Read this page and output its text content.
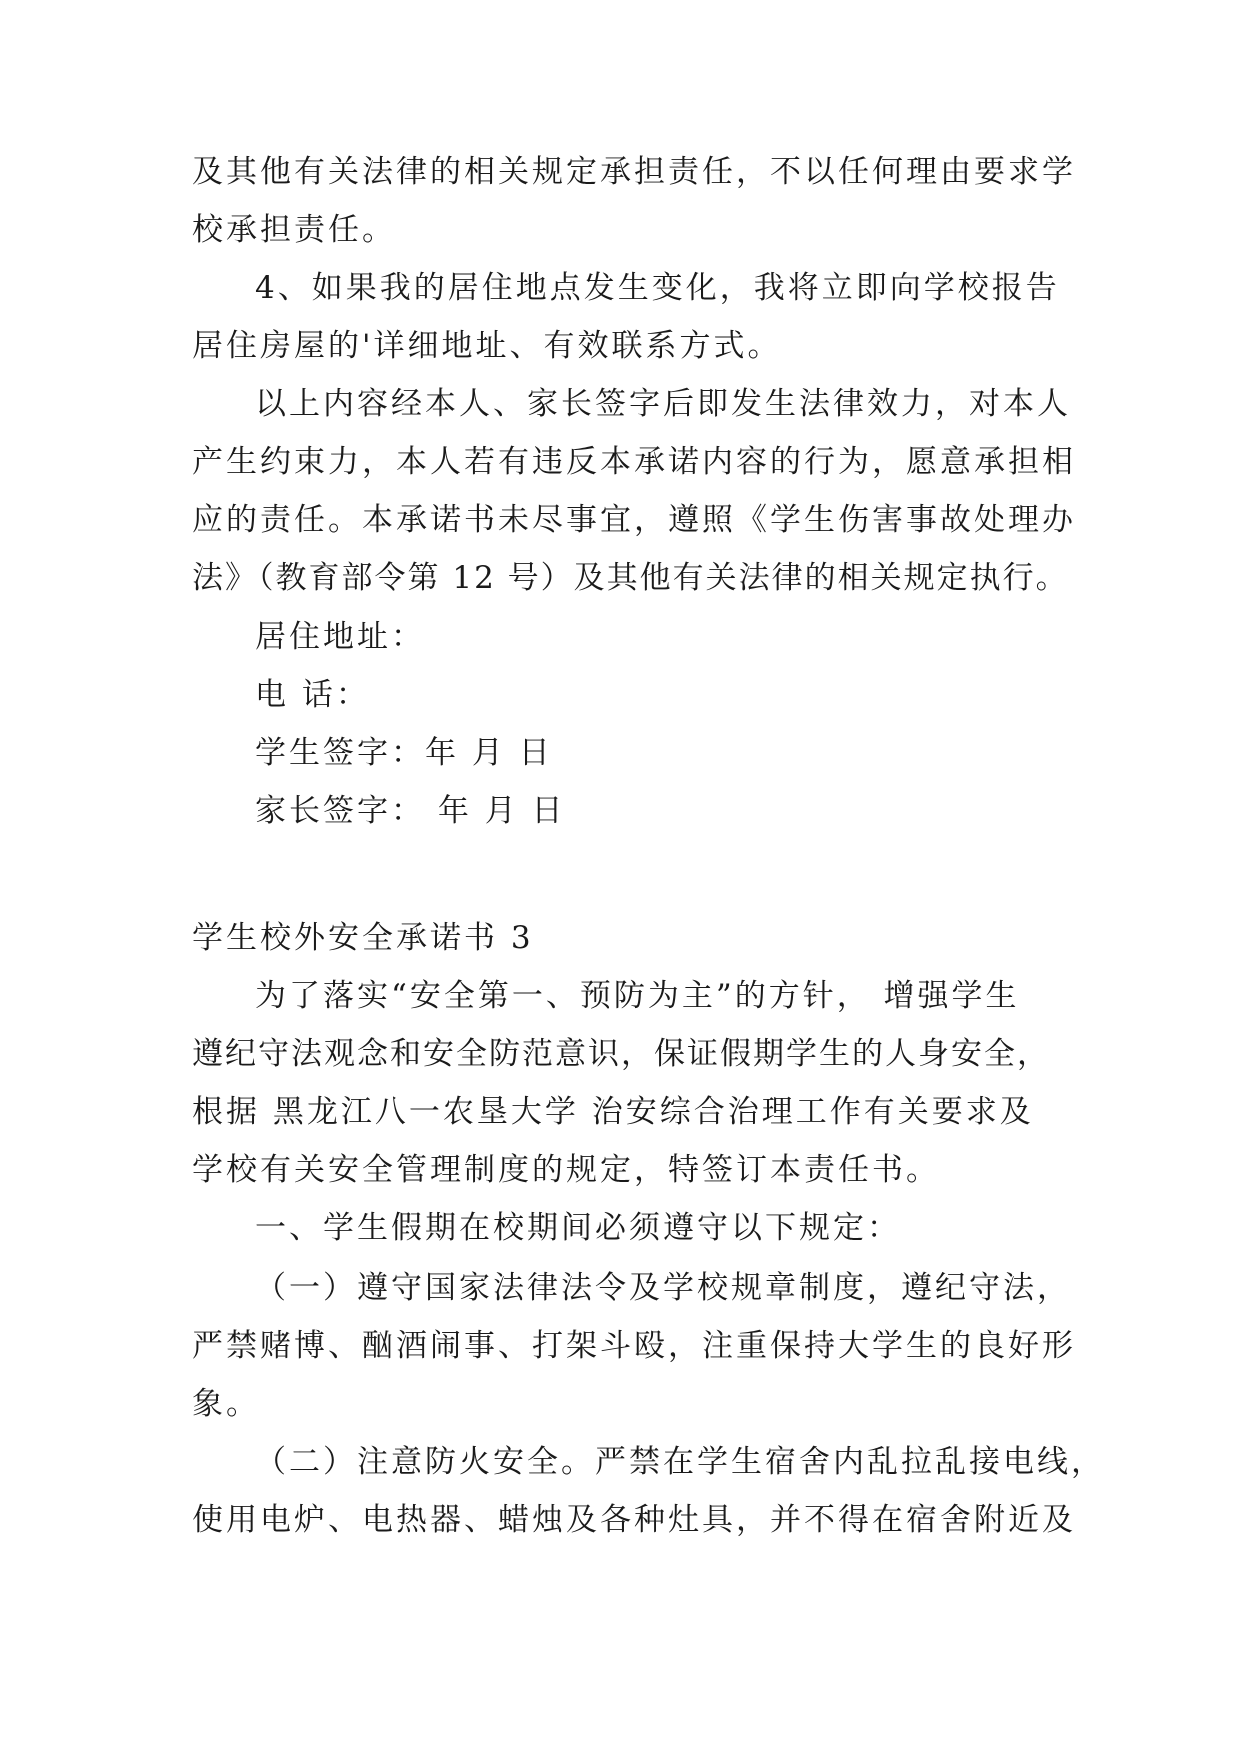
及其他有关法律的相关规定承担责任，不以任何理由要求学
校承担责任。
4、如果我的居住地点发生变化，我将立即向学校报告
居住房屋的'详细地址、有效联系方式。
以上内容经本人、家长签字后即发生法律效力，对本人
产生约束力，本人若有违反本承诺内容的行为，愿意承担相
应的责任。本承诺书未尽事宜，遵照《学生伤害事故处理办
法》（教育部令第 12 号）及其他有关法律的相关规定执行。
居住地址：
电 话：
学生签字：年 月 日
家长签字： 年 月 日
学生校外安全承诺书 3
为了落实“安全第一、预防为主”的方针， 增强学生
遵纪守法观念和安全防范意识，保证假期学生的人身安全，
根据 黑龙江八一农垦大学 治安综合治理工作有关要求及
学校有关安全管理制度的规定，特签订本责任书。
一、学生假期在校期间必须遵守以下规定：
（一）遵守国家法律法令及学校规章制度，遵纪守法，
严禁赌博、酗酒闹事、打架斗殴，注重保持大学生的良好形
象。
（二）注意防火安全。严禁在学生宿舍内乱拉乱接电线，
使用电炉、电热器、蜡烛及各种灶具，并不得在宿舍附近及
